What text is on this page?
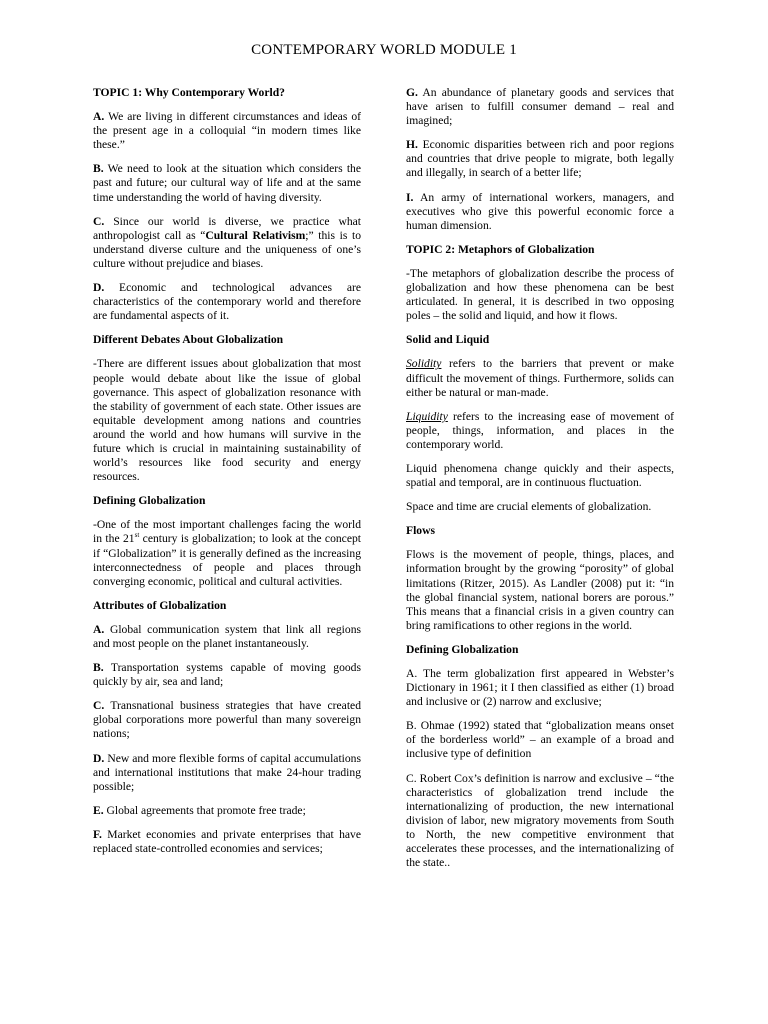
CONTEMPORARY WORLD MODULE 1

TOPIC 1: Why Contemporary World?

A. We are living in different circumstances and ideas of the present age in a colloquial “in modern times like these.”

B. We need to look at the situation which considers the past and future; our cultural way of life and at the same time understanding the world of having diversity.

C. Since our world is diverse, we practice what anthropologist call as “Cultural Relativism;” this is to understand diverse culture and the uniqueness of one’s culture without prejudice and biases.

D. Economic and technological advances are characteristics of the contemporary world and therefore are fundamental aspects of it.

Different Debates About Globalization

-There are different issues about globalization that most people would debate about like the issue of global governance. This aspect of globalization resonance with the stability of government of each state. Other issues are equitable development among nations and countries around the world and how humans will survive in the future which is crucial in maintaining sustainability of world’s resources like food security and energy resources.

Defining Globalization

-One of the most important challenges facing the world in the 21st century is globalization; to look at the concept if “Globalization” it is generally defined as the increasing interconnectedness of people and places through converging economic, political and cultural activities.

Attributes of Globalization

A. Global communication system that link all regions and most people on the planet instantaneously.

B. Transportation systems capable of moving goods quickly by air, sea and land;

C. Transnational business strategies that have created global corporations more powerful than many sovereign nations;

D. New and more flexible forms of capital accumulations and international institutions that make 24-hour trading possible;

E. Global agreements that promote free trade;

F. Market economies and private enterprises that have replaced state-controlled economies and services;

G. An abundance of planetary goods and services that have arisen to fulfill consumer demand – real and imagined;

H. Economic disparities between rich and poor regions and countries that drive people to migrate, both legally and illegally, in search of a better life;

I. An army of international workers, managers, and executives who give this powerful economic force a human dimension.

TOPIC 2: Metaphors of Globalization

-The metaphors of globalization describe the process of globalization and how these phenomena can be best articulated. In general, it is described in two opposing poles – the solid and liquid, and how it flows.

Solid and Liquid

Solidity refers to the barriers that prevent or make difficult the movement of things. Furthermore, solids can either be natural or man-made.

Liquidity refers to the increasing ease of movement of people, things, information, and places in the contemporary world.

Liquid phenomena change quickly and their aspects, spatial and temporal, are in continuous fluctuation.

Space and time are crucial elements of globalization.

Flows

Flows is the movement of people, things, places, and information brought by the growing “porosity” of global limitations (Ritzer, 2015). As Landler (2008) put it: “in the global financial system, national borers are porous.” This means that a financial crisis in a given country can bring ramifications to other regions in the world.

Defining Globalization

A. The term globalization first appeared in Webster’s Dictionary in 1961; it I then classified as either (1) broad and inclusive or (2) narrow and exclusive;

B. Ohmae (1992) stated that “globalization means onset of the borderless world” – an example of a broad and inclusive type of definition

C. Robert Cox’s definition is narrow and exclusive – “the characteristics of globalization trend include the internationalizing of production, the new international division of labor, new migratory movements from South to North, the new competitive environment that accelerates these processes, and the internationalizing of the state..
